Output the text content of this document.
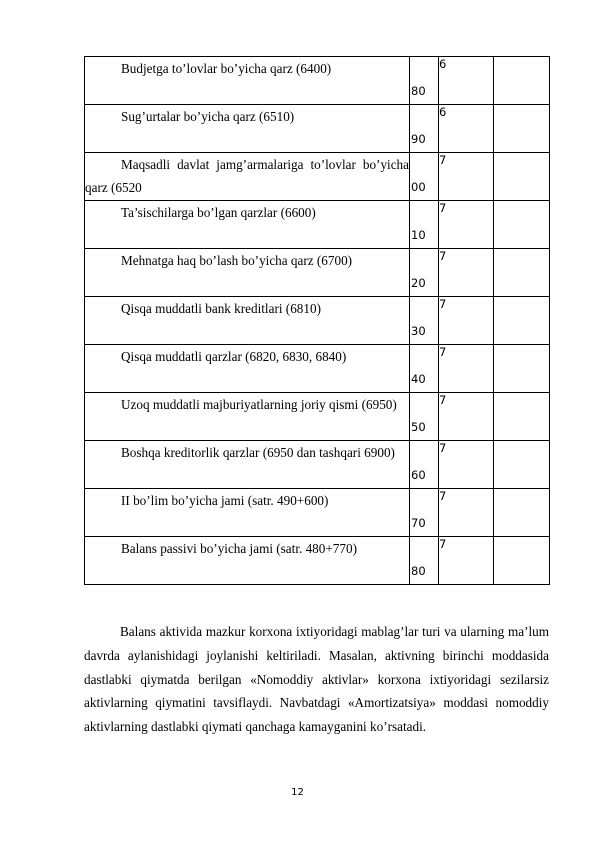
Budjetga to’lovlar bo’yicha qarz (6400)	80	6	
Sug’urtalar bo’yicha qarz (6510)	90	6	
Maqsadli davlat jamg’armalariga to’lovlar bo’yicha qarz (6520	00	7	
Ta’sischilarga bo’lgan qarzlar (6600)	10	7	
Mehnatga haq bo’lash bo’yicha qarz (6700)	20	7	
Qisqa muddatli bank kreditlari (6810)	30	7	
Qisqa muddatli qarzlar (6820, 6830, 6840)	40	7	
Uzoq muddatli majburiyatlarning joriy qismi (6950)	50	7	
Boshqa kreditorlik qarzlar (6950 dan tashqari 6900)	60	7	
II bo’lim bo’yicha jami (satr. 490+600)	70	7	
Balans passivi bo’yicha jami (satr. 480+770)	80	7	
Balans aktivida mazkur korxona ixtiyoridagi mablag’lar turi va ularning ma’lum davrda aylanishidagi joylanishi keltiriladi. Masalan, aktivning birinchi moddasida dastlabki qiymatda berilgan «Nomoddiy aktivlar» korxona ixtiyoridagi sezilarsiz aktivlarning qiymatini tavsiflaydi. Navbatdagi «Amortizatsiya» moddasi nomoddiy aktivlarning dastlabki qiymati qanchaga kamayganini ko’rsatadi.
12
